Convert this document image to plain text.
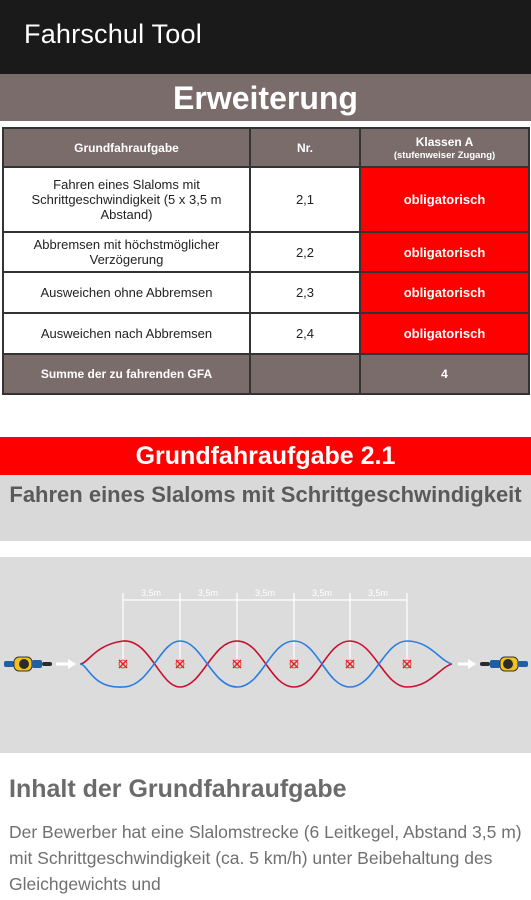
Fahrschul Tool
Erweiterung
Grundfahraufgabe	Nr.	Klassen A
(stufenweiser Zugang)

Fahren eines Slaloms mit Schrittgeschwindigkeit (5 x 3,5 m Abstand)	2,1	obligatorisch
Abbremsen mit höchstmöglicher Verzögerung	2,2	obligatorisch
Ausweichen ohne Abbremsen	2,3	obligatorisch
Ausweichen nach Abbremsen	2,4	obligatorisch
Summe der zu fahrenden GFA		4
Grundfahraufgabe 2.1
Fahren eines Slaloms mit Schrittgeschwindigkeit
3,5m	3,5m	3,5m	3,5m	3,5m
Inhalt der Grundfahraufgabe
Der Bewerber hat eine Slalomstrecke (6 Leitkegel, Abstand 3,5 m) mit Schrittgeschwindigkeit (ca. 5 km/h) unter Beibehaltung des Gleichgewichts und
